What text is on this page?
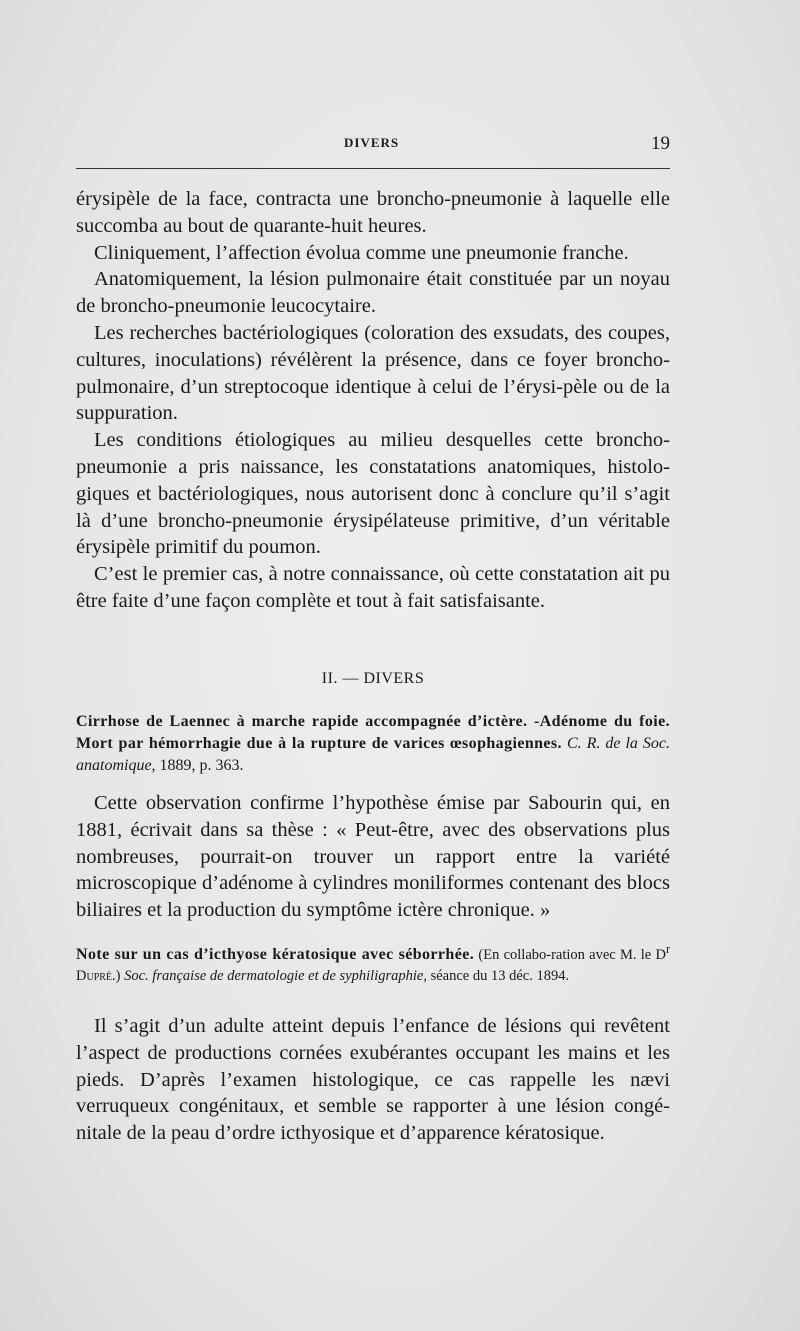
DIVERS	19

érysipèle de la face, contracta une broncho-pneumonie à laquelle elle succomba au bout de quarante-huit heures.

Cliniquement, l’affection évolua comme une pneumonie franche.

Anatomiquement, la lésion pulmonaire était constituée par un noyau de broncho-pneumonie leucocytaire.

Les recherches bactériologiques (coloration des exsudats, des coupes, cultures, inoculations) révélèrent la présence, dans ce foyer broncho-pulmonaire, d’un streptocoque identique à celui de l’érysi-pèle ou de la suppuration.

Les conditions étiologiques au milieu desquelles cette broncho-pneumonie a pris naissance, les constatations anatomiques, histolo-giques et bactériologiques, nous autorisent donc à conclure qu’il s’agit là d’une broncho-pneumonie érysipélateuse primitive, d’un véritable érysipèle primitif du poumon.

C’est le premier cas, à notre connaissance, où cette constatation ait pu être faite d’une façon complète et tout à fait satisfaisante.

II. — DIVERS
Cirrhose de Laennec à marche rapide accompagnée d’ictère. -Adénome du foie. Mort par hémorrhagie due à la rupture de varices œsophagiennes. C. R. de la Soc. anatomique, 1889, p. 363.

Cette observation confirme l’hypothèse émise par Sabourin qui, en 1881, écrivait dans sa thèse : « Peut-être, avec des observations plus nombreuses, pourrait-on trouver un rapport entre la variété microscopique d’adénome à cylindres moniliformes contenant des blocs biliaires et la production du symptôme ictère chronique. »

Note sur un cas d’icthyose kératosique avec séborrhée. (En collabo-ration avec M. le $D^r$ Dupré.) Soc. française de dermatologie et de syphiligraphie, séance du 13 déc. 1894.

Il s’agit d’un adulte atteint depuis l’enfance de lésions qui revêtent l’aspect de productions cornées exubérantes occupant les mains et les pieds. D’après l’examen histologique, ce cas rappelle les nævi verruqueux congénitaux, et semble se rapporter à une lésion congé-nitale de la peau d’ordre icthyosique et d’apparence kératosique.
